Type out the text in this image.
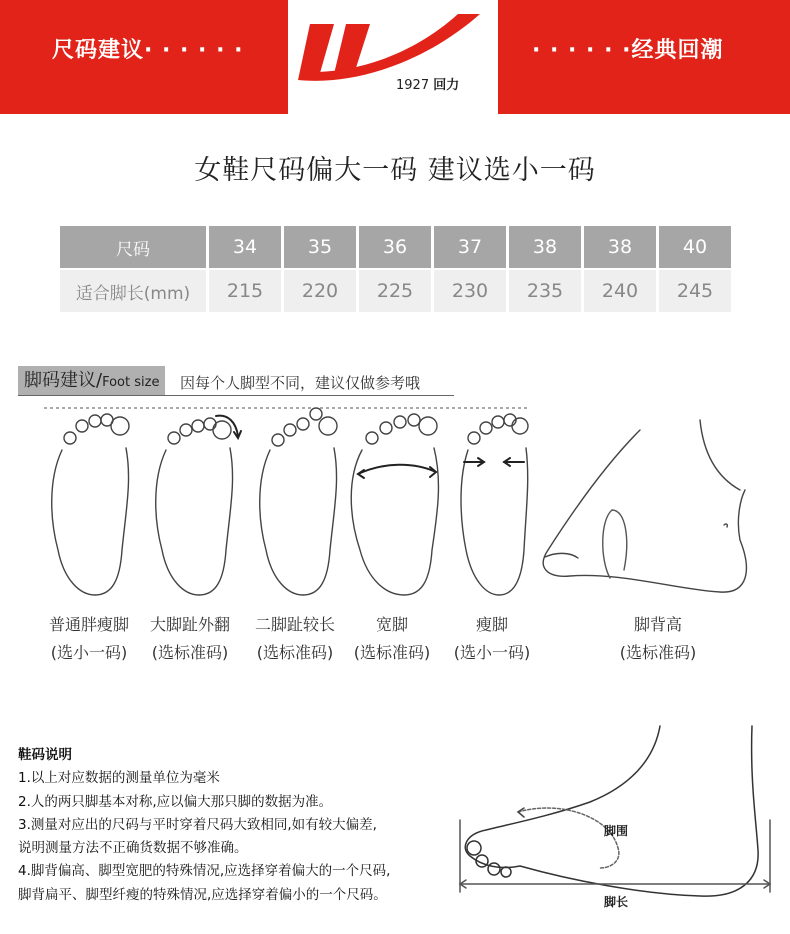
尺码建议· · · · · ·
1927 回力
· · · · · ·经典回潮
女鞋尺码偏大一码 建议选小一码
尺码	34	35	36	37	38	38	40
适合脚长(mm)	215	220	225	230	235	240	245
脚码建议/Foot size	因每个人脚型不同，建议仅做参考哦
普通胖瘦脚
(选小一码)
大脚趾外翻
(选标准码)
二脚趾较长
(选标准码)
宽脚
(选标准码)
瘦脚
(选小一码)
脚背高
(选标准码)
鞋码说明
1.以上对应数据的测量单位为毫米
2.人的两只脚基本对称,应以偏大那只脚的数据为准。
3.测量对应出的尺码与平时穿着尺码大致相同,如有较大偏差,
说明测量方法不正确货数据不够准确。
4.脚背偏高、脚型宽肥的特殊情况,应选择穿着偏大的一个尺码,
脚背扁平、脚型纤瘦的特殊情况,应选择穿着偏小的一个尺码。
脚围
脚长
